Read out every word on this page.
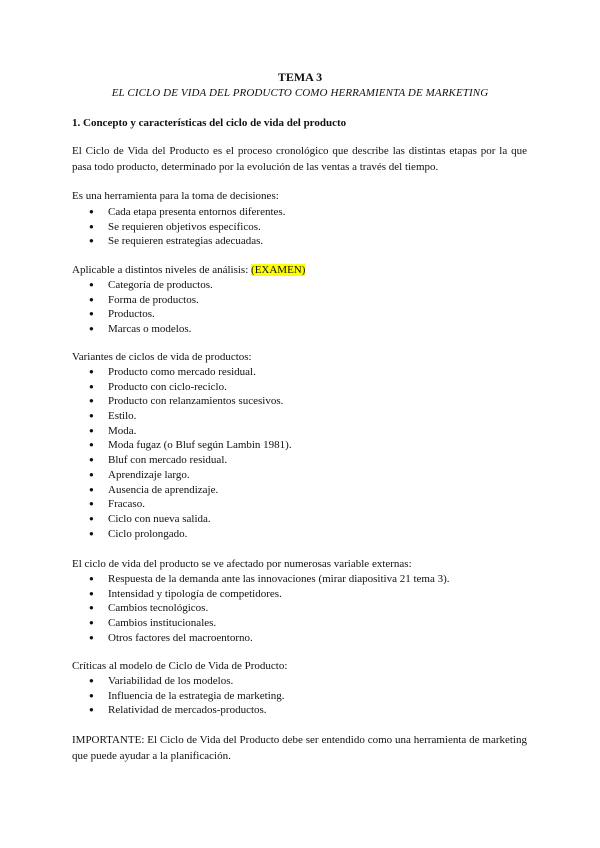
TEMA 3
EL CICLO DE VIDA DEL PRODUCTO COMO HERRAMIENTA DE MARKETING
1. Concepto y características del ciclo de vida del producto
El Ciclo de Vida del Producto es el proceso cronológico que describe las distintas etapas por la que pasa todo producto, determinado por la evolución de las ventas a través del tiempo.
Es una herramienta para la toma de decisiones:
● Cada etapa presenta entornos diferentes.
● Se requieren objetivos específicos.
● Se requieren estrategias adecuadas.
Aplicable a distintos niveles de análisis: (EXAMEN)
● Categoría de productos.
● Forma de productos.
● Productos.
● Marcas o modelos.
Variantes de ciclos de vida de productos:
● Producto como mercado residual.
● Producto con ciclo-reciclo.
● Producto con relanzamientos sucesivos.
● Estilo.
● Moda.
● Moda fugaz (o Bluf según Lambin 1981).
● Bluf con mercado residual.
● Aprendizaje largo.
● Ausencia de aprendizaje.
● Fracaso.
● Ciclo con nueva salida.
● Ciclo prolongado.
El ciclo de vida del producto se ve afectado por numerosas variable externas:
● Respuesta de la demanda ante las innovaciones (mirar diapositiva 21 tema 3).
● Intensidad y tipología de competidores.
● Cambios tecnológicos.
● Cambios institucionales.
● Otros factores del macroentorno.
Críticas al modelo de Ciclo de Vida de Producto:
● Variabilidad de los modelos.
● Influencia de la estrategia de marketing.
● Relatividad de mercados-productos.
IMPORTANTE: El Ciclo de Vida del Producto debe ser entendido como una herramienta de marketing que puede ayudar a la planificación.
